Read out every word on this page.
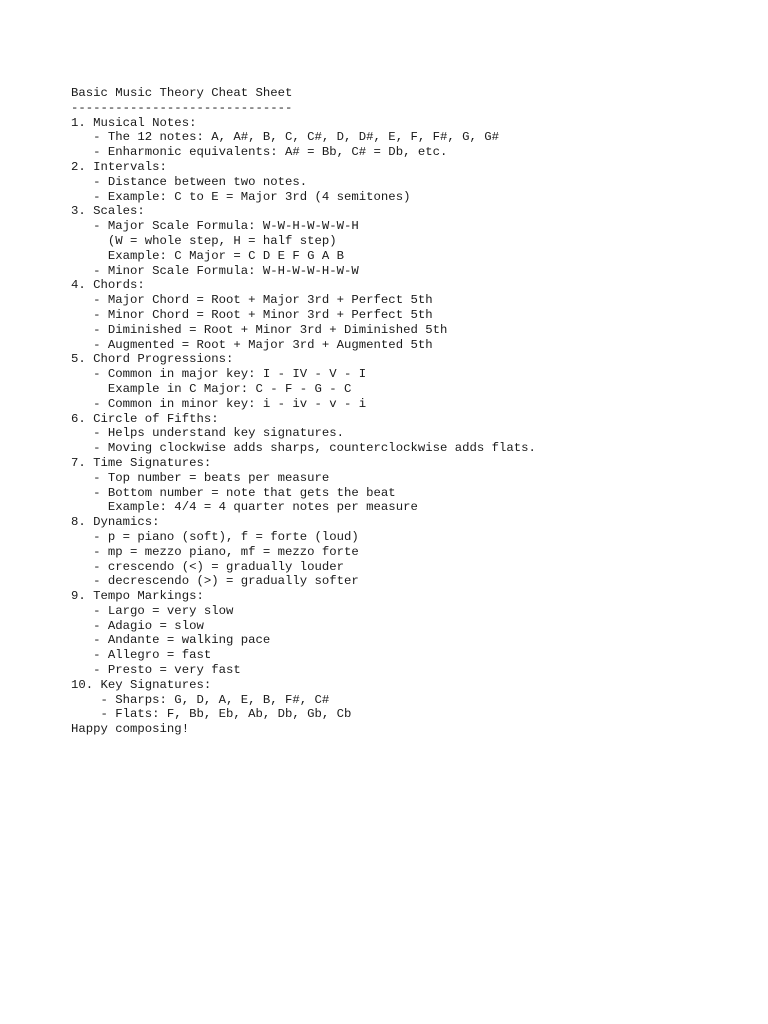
Basic Music Theory Cheat Sheet
------------------------------
1. Musical Notes:
- The 12 notes: A, A#, B, C, C#, D, D#, E, F, F#, G, G#
- Enharmonic equivalents: A# = Bb, C# = Db, etc.
2. Intervals:
- Distance between two notes.
- Example: C to E = Major 3rd (4 semitones)
3. Scales:
- Major Scale Formula: W-W-H-W-W-W-H
(W = whole step, H = half step)
Example: C Major = C D E F G A B
- Minor Scale Formula: W-H-W-W-H-W-W
4. Chords:
- Major Chord = Root + Major 3rd + Perfect 5th
- Minor Chord = Root + Minor 3rd + Perfect 5th
- Diminished = Root + Minor 3rd + Diminished 5th
- Augmented = Root + Major 3rd + Augmented 5th
5. Chord Progressions:
- Common in major key: I - IV - V - I
Example in C Major: C - F - G - C
- Common in minor key: i - iv - v - i
6. Circle of Fifths:
- Helps understand key signatures.
- Moving clockwise adds sharps, counterclockwise adds flats.
7. Time Signatures:
- Top number = beats per measure
- Bottom number = note that gets the beat
Example: 4/4 = 4 quarter notes per measure
8. Dynamics:
- p = piano (soft), f = forte (loud)
- mp = mezzo piano, mf = mezzo forte
- crescendo (<) = gradually louder
- decrescendo (>) = gradually softer
9. Tempo Markings:
- Largo = very slow
- Adagio = slow
- Andante = walking pace
- Allegro = fast
- Presto = very fast
10. Key Signatures:
- Sharps: G, D, A, E, B, F#, C#
- Flats: F, Bb, Eb, Ab, Db, Gb, Cb
Happy composing!
